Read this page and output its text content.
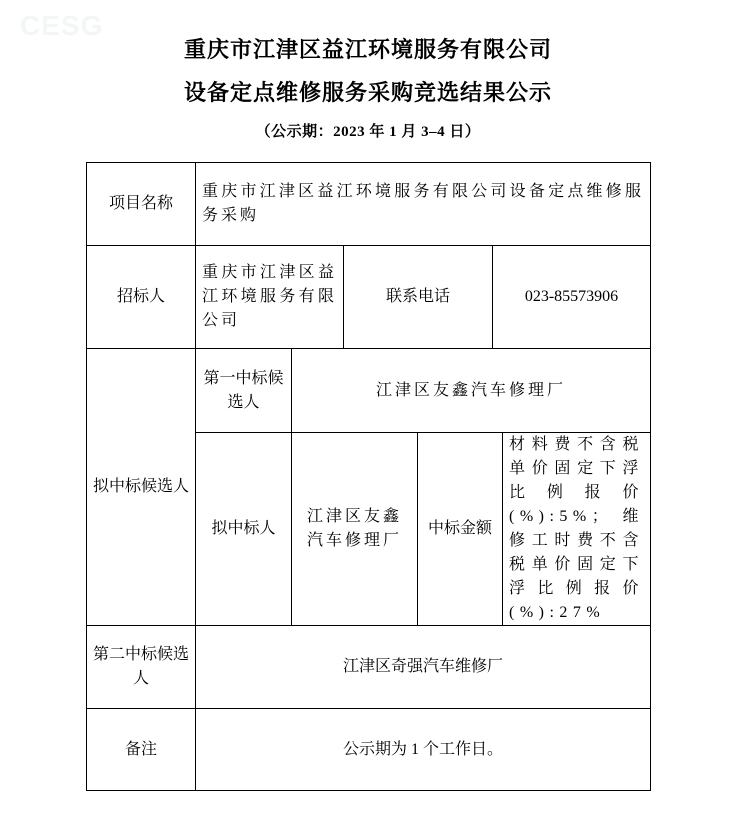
CESG
重庆市江津区益江环境服务有限公司
设备定点维修服务采购竞选结果公示
（公示期：2023 年 1 月 3–4 日）
项目名称	重庆市江津区益江环境服务有限公司设备定点维修服务采购					
招标人	重庆市江津区益江环境服务有限公司		联系电话		023-85573906	
拟中标候选人	第一中标候选人	江津区友鑫汽车修理厂				
	拟中标人	江津区友鑫汽车修理厂		中标金额		材料费不含税单价固定下浮比例报价(%):5%；维修工时费不含税单价固定下浮比例报价(%):27%
第二中标候选人	江津区奇强汽车维修厂					
备注	公示期为 1 个工作日。					
